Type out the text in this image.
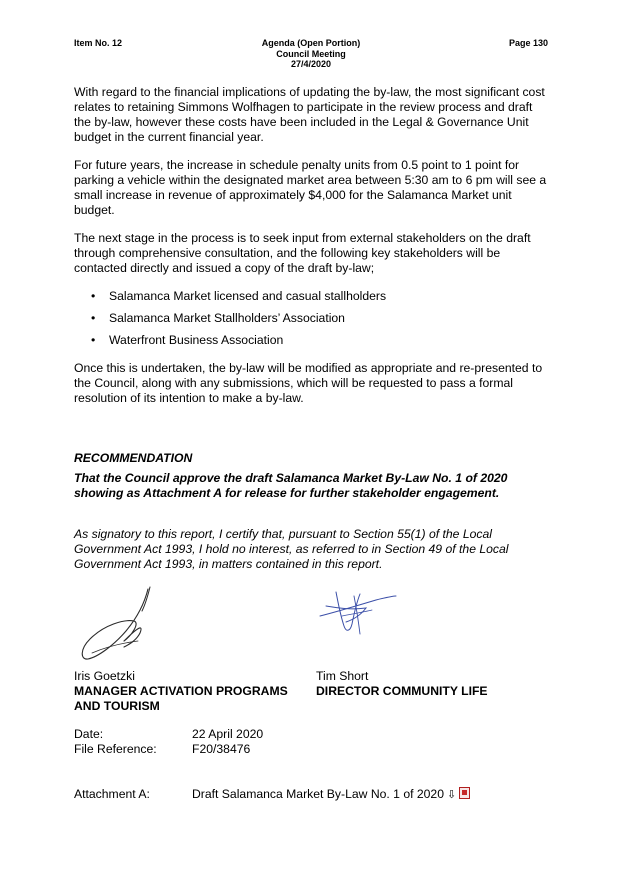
Item No. 12	Agenda (Open Portion)
Council Meeting
27/4/2020
Page 130

With regard to the financial implications of updating the by-law, the most significant cost relates to retaining Simmons Wolfhagen to participate in the review process and draft the by-law, however these costs have been included in the Legal & Governance Unit budget in the current financial year.

For future years, the increase in schedule penalty units from 0.5 point to 1 point for parking a vehicle within the designated market area between 5:30 am to 6 pm will see a small increase in revenue of approximately $4,000 for the Salamanca Market unit budget.

The next stage in the process is to seek input from external stakeholders on the draft through comprehensive consultation, and the following key stakeholders will be contacted directly and issued a copy of the draft by-law;

• Salamanca Market licensed and casual stallholders
• Salamanca Market Stallholders’ Association
• Waterfront Business Association

Once this is undertaken, the by-law will be modified as appropriate and re-presented to the Council, along with any submissions, which will be requested to pass a formal resolution of its intention to make a by-law.

RECOMMENDATION

That the Council approve the draft Salamanca Market By-Law No. 1 of 2020 showing as Attachment A for release for further stakeholder engagement.

As signatory to this report, I certify that, pursuant to Section 55(1) of the Local Government Act 1993, I hold no interest, as referred to in Section 49 of the Local Government Act 1993, in matters contained in this report.

Iris Goetzki
MANAGER ACTIVATION PROGRAMS
AND TOURISM
Tim Short
DIRECTOR COMMUNITY LIFE
Date:	22 April 2020
File Reference:	F20/38476
Attachment A:	Draft Salamanca Market By-Law No. 1 of 2020 ⇩
